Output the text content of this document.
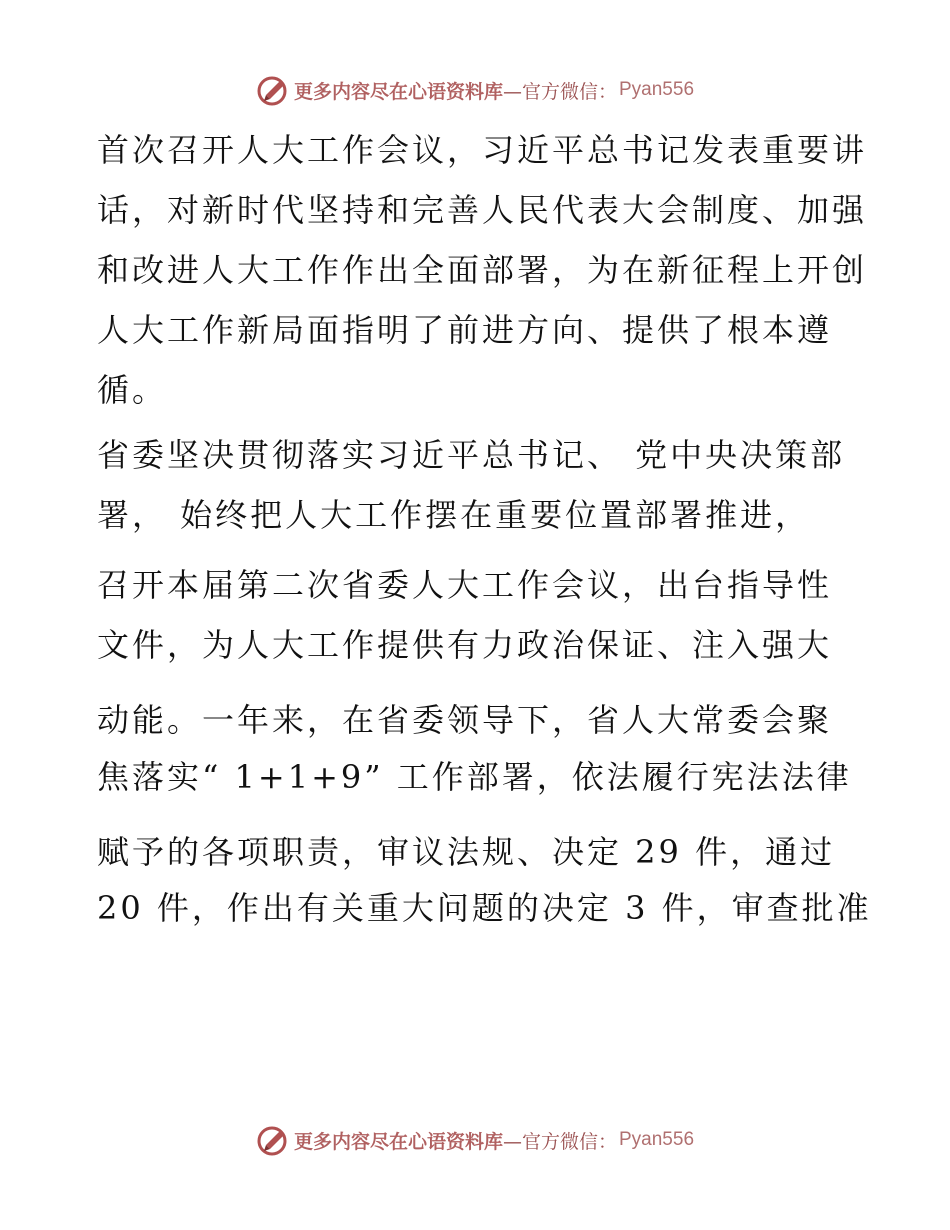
更多内容尽在心语资料库 —官方微信： Pyan556
首次召开人大工作会议，习近平总书记发表重要讲
话，对新时代坚持和完善人民代表大会制度、加强
和改进人大工作作出全面部署，为在新征程上开创
人大工作新局面指明了前进方向、提供了根本遵
循。
省委坚决贯彻落实习近平总书记、 党中央决策部
署， 始终把人大工作摆在重要位置部署推进，
召开本届第二次省委人大工作会议，出台指导性
文件，为人大工作提供有力政治保证、注入强大
动能。一年来，在省委领导下，省人大常委会聚
焦落实“ 1+1+9” 工作部署，依法履行宪法法律
赋予的各项职责，审议法规、决定 29 件，通过
20 件，作出有关重大问题的决定 3 件，审查批准
更多内容尽在心语资料库 —官方微信： Pyan556
